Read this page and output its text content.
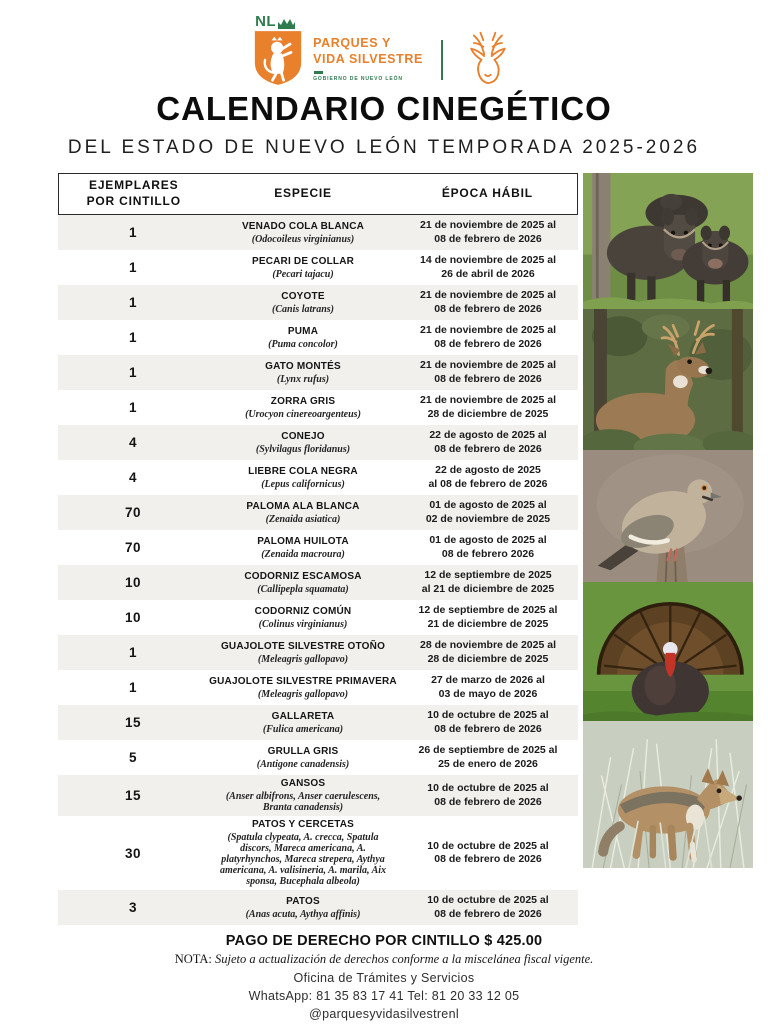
NL
PARQUES Y
VIDA SILVESTRE
GOBIERNO DE NUEVO LEÓN
CALENDARIO CINEGÉTICO
DEL ESTADO DE NUEVO LEÓN TEMPORADA 2025-2026
EJEMPLARES POR CINTILLO
ESPECIE	ÉPOCA HÁBIL
1	VENADO COLA BLANCA
(Odocoileus virginianus)
21 de noviembre de 2025 al
08 de febrero de 2026
1	PECARI DE COLLAR
(Pecari tajacu)
14 de noviembre de 2025 al
26 de abril de 2026
1	COYOTE
(Canis latrans)
21 de noviembre de 2025 al
08 de febrero de 2026
1	PUMA
(Puma concolor)
21 de noviembre de 2025 al
08 de febrero de 2026
1	GATO MONTÉS
(Lynx rufus)
21 de noviembre de 2025 al
08 de febrero de 2026
1	ZORRA GRIS
(Urocyon cinereoargenteus)
21 de noviembre de 2025 al
28 de diciembre de 2025
4	CONEJO
(Sylvilagus floridanus)
22 de agosto de 2025 al
08 de febrero de 2026
4	LIEBRE COLA NEGRA
(Lepus californicus)
22 de agosto de 2025
al 08 de febrero de 2026
70	PALOMA ALA BLANCA
(Zenaida asiatica)
01 de agosto de 2025 al
02 de noviembre de 2025
70	PALOMA HUILOTA
(Zenaida macroura)
01 de agosto de 2025 al
08 de febrero 2026
10	CODORNIZ ESCAMOSA
(Callipepla squamata)
12 de septiembre de 2025
al 21 de diciembre de 2025
10	CODORNIZ COMÚN
(Colinus virginianus)
12 de septiembre de 2025 al
21 de diciembre de 2025
1	GUAJOLOTE SILVESTRE OTOÑO
(Meleagris gallopavo)
28 de noviembre de 2025 al
28 de diciembre de 2025
1	GUAJOLOTE SILVESTRE PRIMAVERA
(Meleagris gallopavo)
27 de marzo de 2026 al
03 de mayo de 2026
15	GALLARETA
(Fulica americana)
10 de octubre de 2025 al
08 de febrero de 2026
5	GRULLA GRIS
(Antigone canadensis)
26 de septiembre de 2025 al
25 de enero de 2026
15
GANSOS
(Anser albifrons, Anser caerulescens, Branta canadensis)
10 de octubre de 2025 al
08 de febrero de 2026
30
PATOS Y CERCETAS
(Spatula clypeata, A. crecca, Spatula discors, Mareca americana, A. platyrhynchos, Mareca strepera, Aythya americana, A. valisineria, A. marila, Aix sponsa, Bucephala albeola)
10 de octubre de 2025 al
08 de febrero de 2026
3	PATOS
(Anas acuta, Aythya affinis)
10 de octubre de 2025 al
08 de febrero de 2026
PAGO DE DERECHO POR CINTILLO $ 425.00
NOTA: Sujeto a actualización de derechos conforme a la miscelánea fiscal vigente.
Oficina de Trámites y Servicios
WhatsApp: 81 35 83 17 41 Tel: 81 20 33 12 05
@parquesyvidasilvestrenl
